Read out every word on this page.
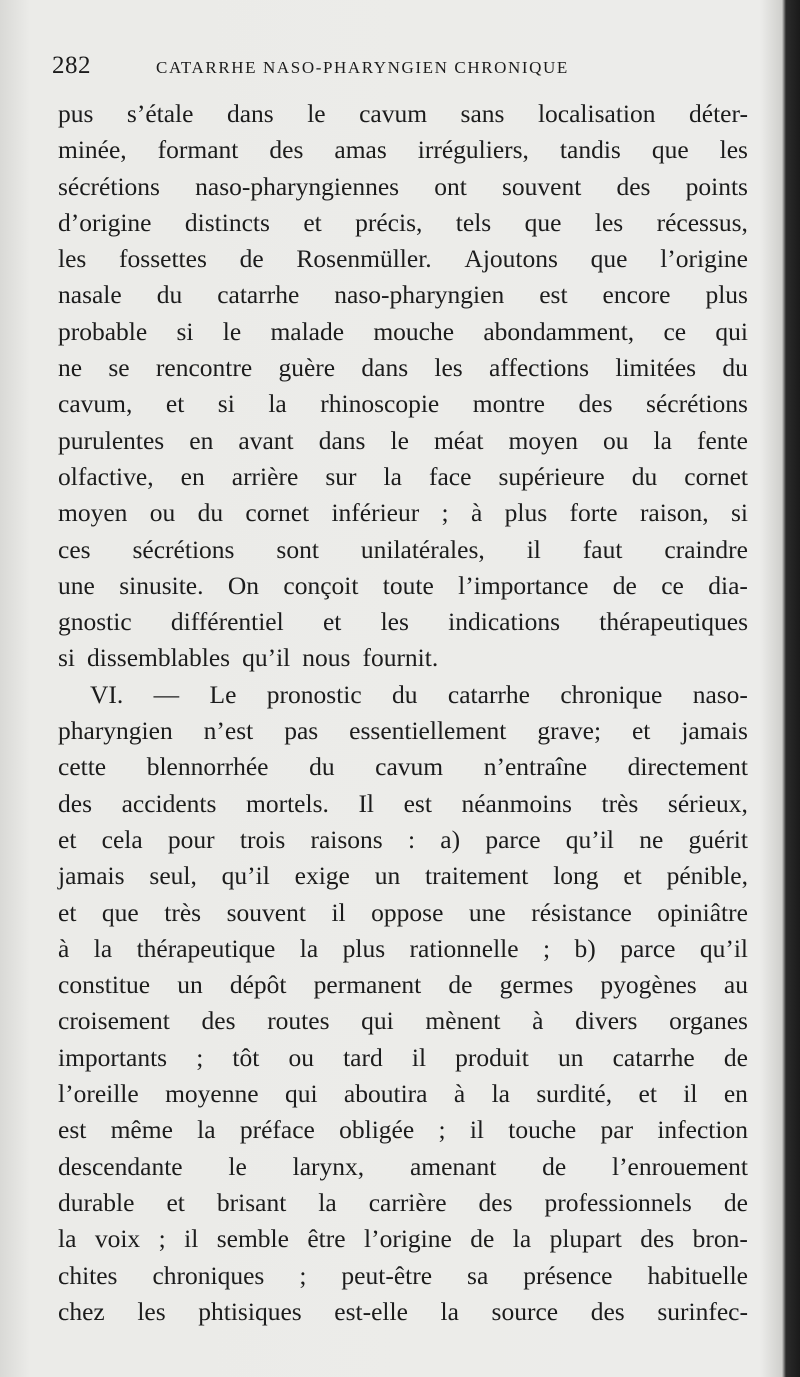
282	CATARRHE NASO-PHARYNGIEN CHRONIQUE
pus s’étale dans le cavum sans localisation déter-
minée, formant des amas irréguliers, tandis que les
sécrétions naso-pharyngiennes ont souvent des points
d’origine distincts et précis, tels que les récessus,
les fossettes de Rosenmüller. Ajoutons que l’origine
nasale du catarrhe naso-pharyngien est encore plus
probable si le malade mouche abondamment, ce qui
ne se rencontre guère dans les affections limitées du
cavum, et si la rhinoscopie montre des sécrétions
purulentes en avant dans le méat moyen ou la fente
olfactive, en arrière sur la face supérieure du cornet
moyen ou du cornet inférieur ; à plus forte raison, si
ces sécrétions sont unilatérales, il faut craindre
une sinusite. On conçoit toute l’importance de ce dia-
gnostic différentiel et les indications thérapeutiques
si dissemblables qu’il nous fournit.
VI. — Le pronostic du catarrhe chronique naso-
pharyngien n’est pas essentiellement grave; et jamais
cette blennorrhée du cavum n’entraîne directement
des accidents mortels. Il est néanmoins très sérieux,
et cela pour trois raisons : a) parce qu’il ne guérit
jamais seul, qu’il exige un traitement long et pénible,
et que très souvent il oppose une résistance opiniâtre
à la thérapeutique la plus rationnelle ; b) parce qu’il
constitue un dépôt permanent de germes pyogènes au
croisement des routes qui mènent à divers organes
importants ; tôt ou tard il produit un catarrhe de
l’oreille moyenne qui aboutira à la surdité, et il en
est même la préface obligée ; il touche par infection
descendante le larynx, amenant de l’enrouement
durable et brisant la carrière des professionnels de
la voix ; il semble être l’origine de la plupart des bron-
chites chroniques ; peut-être sa présence habituelle
chez les phtisiques est-elle la source des surinfec-
